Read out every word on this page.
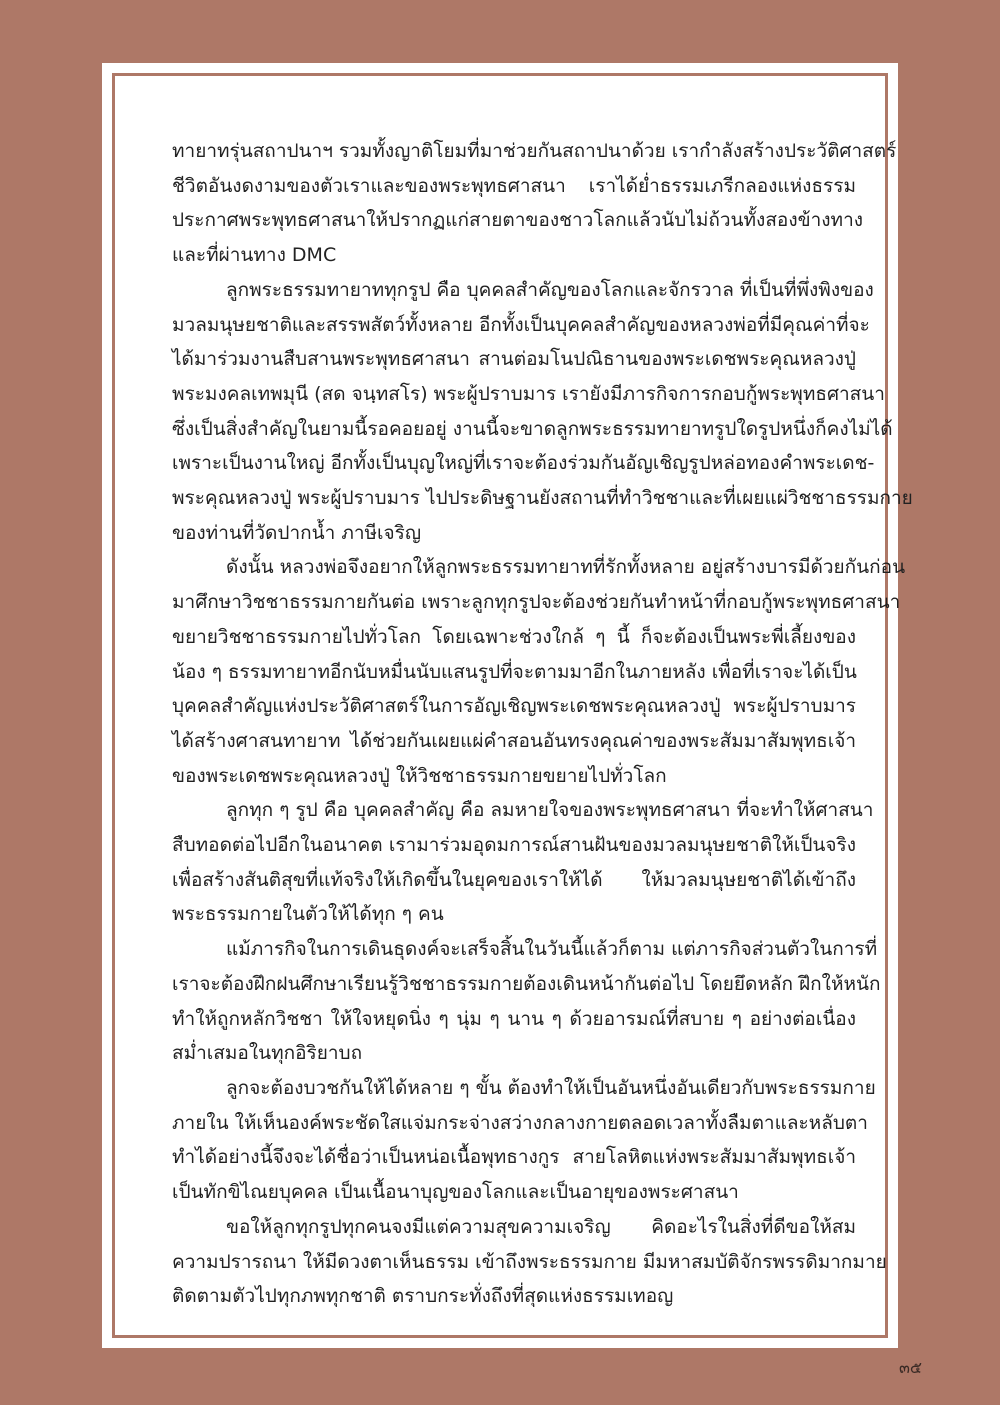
ทายาทรุ่นสถาปนาฯ รวมทั้งญาติโยมที่มาช่วยกันสถาปนาด้วย เรากำลังสร้างประวัติศาสตร์
ชีวิตอันงดงามของตัวเราและของพระพุทธศาสนา เราได้ย่ำธรรมเภรีกลองแห่งธรรม
ประกาศพระพุทธศาสนาให้ปรากฏแก่สายตาของชาวโลกแล้วนับไม่ถ้วนทั้งสองข้างทาง
และที่ผ่านทาง DMC
ลูกพระธรรมทายาททุกรูป คือ บุคคลสำคัญของโลกและจักรวาล ที่เป็นที่พึ่งพิงของ
มวลมนุษยชาติและสรรพสัตว์ทั้งหลาย อีกทั้งเป็นบุคคลสำคัญของหลวงพ่อที่มีคุณค่าที่จะ
ได้มาร่วมงานสืบสานพระพุทธศาสนา สานต่อมโนปณิธานของพระเดชพระคุณหลวงปู่
พระมงคลเทพมุนี (สด จนฺทสโร) พระผู้ปราบมาร เรายังมีภารกิจการกอบกู้พระพุทธศาสนา
ซึ่งเป็นสิ่งสำคัญในยามนี้รอคอยอยู่ งานนี้จะขาดลูกพระธรรมทายาทรูปใดรูปหนึ่งก็คงไม่ได้
เพราะเป็นงานใหญ่ อีกทั้งเป็นบุญใหญ่ที่เราจะต้องร่วมกันอัญเชิญรูปหล่อทองคำพระเดช-
พระคุณหลวงปู่ พระผู้ปราบมาร ไปประดิษฐานยังสถานที่ทำวิชชาและที่เผยแผ่วิชชาธรรมกาย
ของท่านที่วัดปากน้ำ ภาษีเจริญ
ดังนั้น หลวงพ่อจึงอยากให้ลูกพระธรรมทายาทที่รักทั้งหลาย อยู่สร้างบารมีด้วยกันก่อน
มาศึกษาวิชชาธรรมกายกันต่อ เพราะลูกทุกรูปจะต้องช่วยกันทำหน้าที่กอบกู้พระพุทธศาสนา
ขยายวิชชาธรรมกายไปทั่วโลก โดยเฉพาะช่วงใกล้ ๆ นี้ ก็จะต้องเป็นพระพี่เลี้ยงของ
น้อง ๆ ธรรมทายาทอีกนับหมื่นนับแสนรูปที่จะตามมาอีกในภายหลัง เพื่อที่เราจะได้เป็น
บุคคลสำคัญแห่งประวัติศาสตร์ในการอัญเชิญพระเดชพระคุณหลวงปู่ พระผู้ปราบมาร
ได้สร้างศาสนทายาท ได้ช่วยกันเผยแผ่คำสอนอันทรงคุณค่าของพระสัมมาสัมพุทธเจ้า
ของพระเดชพระคุณหลวงปู่ ให้วิชชาธรรมกายขยายไปทั่วโลก
ลูกทุก ๆ รูป คือ บุคคลสำคัญ คือ ลมหายใจของพระพุทธศาสนา ที่จะทำให้ศาสนา
สืบทอดต่อไปอีกในอนาคต เรามาร่วมอุดมการณ์สานฝันของมวลมนุษยชาติให้เป็นจริง
เพื่อสร้างสันติสุขที่แท้จริงให้เกิดขึ้นในยุคของเราให้ได้ ให้มวลมนุษยชาติได้เข้าถึง
พระธรรมกายในตัวให้ได้ทุก ๆ คน
แม้ภารกิจในการเดินธุดงค์จะเสร็จสิ้นในวันนี้แล้วก็ตาม แต่ภารกิจส่วนตัวในการที่
เราจะต้องฝึกฝนศึกษาเรียนรู้วิชชาธรรมกายต้องเดินหน้ากันต่อไป โดยยึดหลัก ฝึกให้หนัก
ทำให้ถูกหลักวิชชา ให้ใจหยุดนิ่ง ๆ นุ่ม ๆ นาน ๆ ด้วยอารมณ์ที่สบาย ๆ อย่างต่อเนื่อง
สม่ำเสมอในทุกอิริยาบถ
ลูกจะต้องบวชกันให้ได้หลาย ๆ ขั้น ต้องทำให้เป็นอันหนึ่งอันเดียวกับพระธรรมกาย
ภายใน ให้เห็นองค์พระชัดใสแจ่มกระจ่างสว่างกลางกายตลอดเวลาทั้งลืมตาและหลับตา
ทำได้อย่างนี้จึงจะได้ชื่อว่าเป็นหน่อเนื้อพุทธางกูร สายโลหิตแห่งพระสัมมาสัมพุทธเจ้า
เป็นทักขิไณยบุคคล เป็นเนื้อนาบุญของโลกและเป็นอายุของพระศาสนา
ขอให้ลูกทุกรูปทุกคนจงมีแต่ความสุขความเจริญ คิดอะไรในสิ่งที่ดีขอให้สม
ความปรารถนา ให้มีดวงตาเห็นธรรม เข้าถึงพระธรรมกาย มีมหาสมบัติจักรพรรดิมากมาย
ติดตามตัวไปทุกภพทุกชาติ ตราบกระทั่งถึงที่สุดแห่งธรรมเทอญ
๓๕
